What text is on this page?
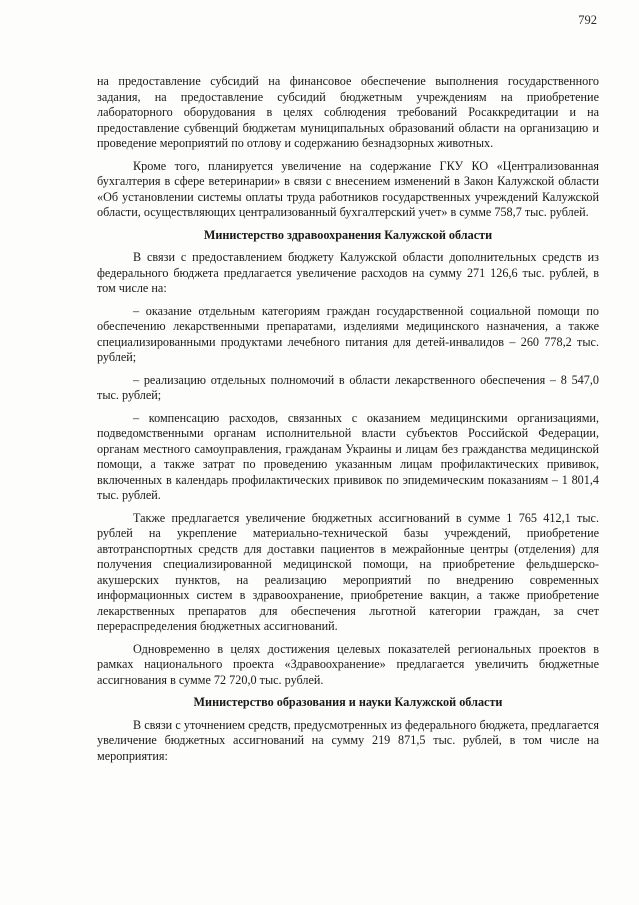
792

на предоставление субсидий на финансовое обеспечение выполнения государственного задания, на предоставление субсидий бюджетным учреждениям на приобретение лабораторного оборудования в целях соблюдения требований Росаккредитации и на предоставление субвенций бюджетам муниципальных образований области на организацию и проведение мероприятий по отлову и содержанию безнадзорных животных.

Кроме того, планируется увеличение на содержание ГКУ КО «Централизованная бухгалтерия в сфере ветеринарии» в связи с внесением изменений в Закон Калужской области «Об установлении системы оплаты труда работников государственных учреждений Калужской области, осуществляющих централизованный бухгалтерский учет» в сумме 758,7 тыс. рублей.

Министерство здравоохранения Калужской области

В связи с предоставлением бюджету Калужской области дополнительных средств из федерального бюджета предлагается увеличение расходов на сумму 271 126,6 тыс. рублей, в том числе на:

– оказание отдельным категориям граждан государственной социальной помощи по обеспечению лекарственными препаратами, изделиями медицинского назначения, а также специализированными продуктами лечебного питания для детей-инвалидов – 260 778,2 тыс. рублей;

– реализацию отдельных полномочий в области лекарственного обеспечения – 8 547,0 тыс. рублей;

– компенсацию расходов, связанных с оказанием медицинскими организациями, подведомственными органам исполнительной власти субъектов Российской Федерации, органам местного самоуправления, гражданам Украины и лицам без гражданства медицинской помощи, а также затрат по проведению указанным лицам профилактических прививок, включенных в календарь профилактических прививок по эпидемическим показаниям – 1 801,4 тыс. рублей.

Также предлагается увеличение бюджетных ассигнований в сумме 1 765 412,1 тыс. рублей на укрепление материально-технической базы учреждений, приобретение автотранспортных средств для доставки пациентов в межрайонные центры (отделения) для получения специализированной медицинской помощи, на приобретение фельдшерско-акушерских пунктов, на реализацию мероприятий по внедрению современных информационных систем в здравоохранение, приобретение вакцин, а также приобретение лекарственных препаратов для обеспечения льготной категории граждан, за счет перераспределения бюджетных ассигнований.

Одновременно в целях достижения целевых показателей региональных проектов в рамках национального проекта «Здравоохранение» предлагается увеличить бюджетные ассигнования в сумме 72 720,0 тыс. рублей.

Министерство образования и науки Калужской области

В связи с уточнением средств, предусмотренных из федерального бюджета, предлагается увеличение бюджетных ассигнований на сумму 219 871,5 тыс. рублей, в том числе на мероприятия:
